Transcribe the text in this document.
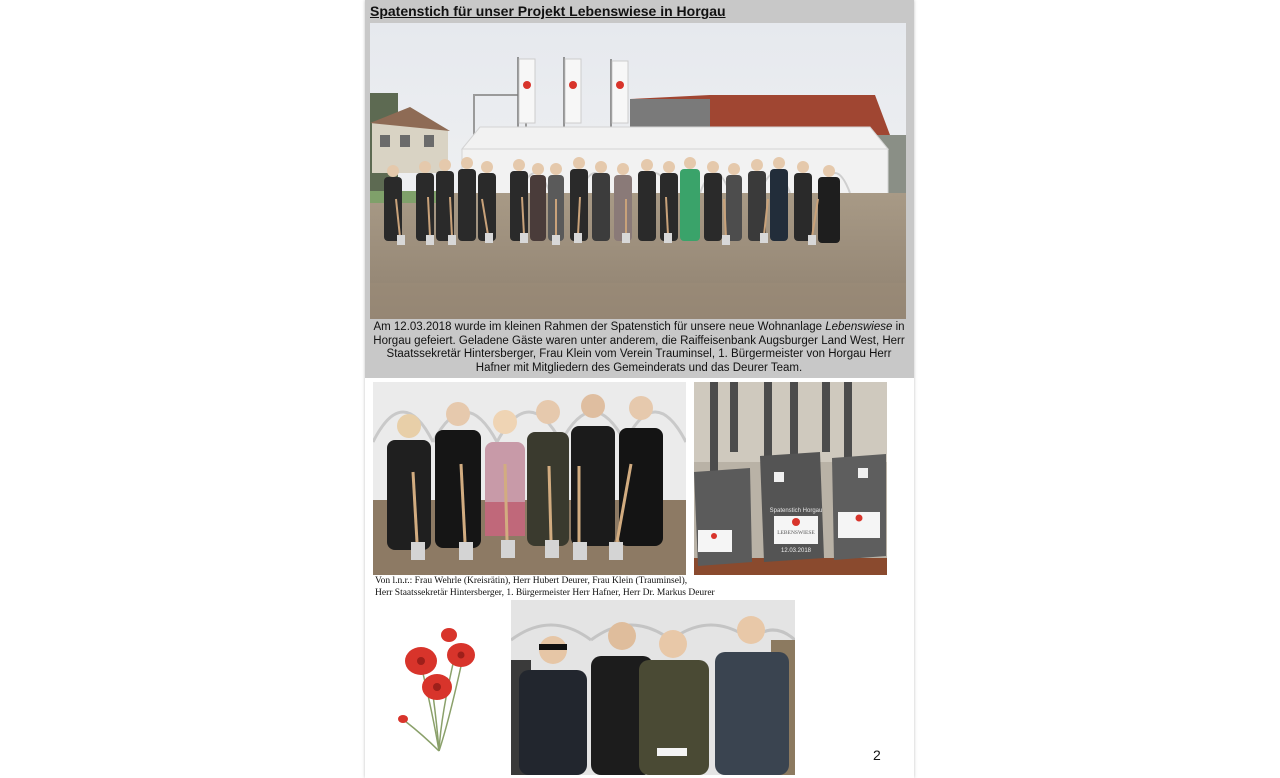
Spatenstich für unser Projekt Lebenswiese in Horgau
Am 12.03.2018 wurde im kleinen Rahmen der Spatenstich für unsere neue Wohnanlage Lebenswiese in Horgau gefeiert. Geladene Gäste waren unter anderem, die Raiffeisenbank Augsburger Land West, Herr Staatssekretär Hintersberger, Frau Klein vom Verein Trauminsel, 1. Bürgermeister von Horgau Herr Hafner mit Mitgliedern des Gemeinderats und das Deurer Team.
Spatenstich Horgau
LEBENSWIESE
12.03.2018
Von l.n.r.: Frau Wehrle (Kreisrätin), Herr Hubert Deurer, Frau Klein (Trauminsel),
Herr Staatssekretär Hintersberger, 1. Bürgermeister Herr Hafner, Herr Dr. Markus Deurer
2
